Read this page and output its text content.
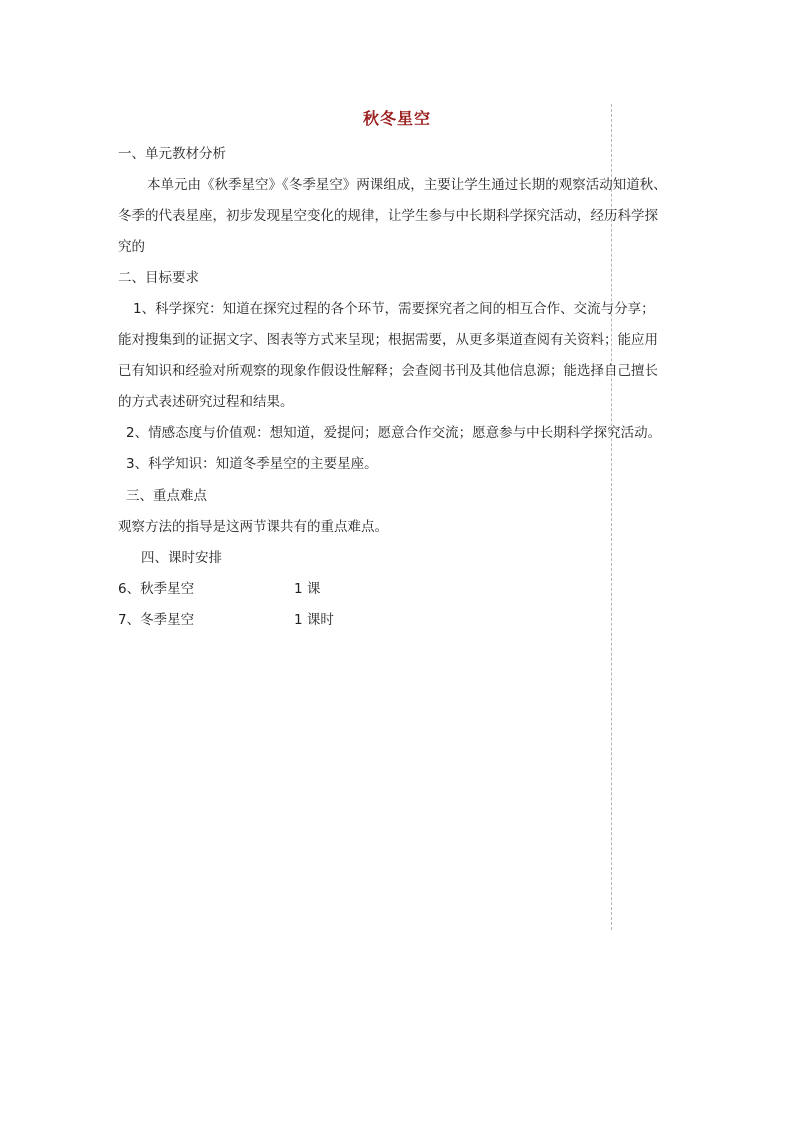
秋冬星空
一、单元教材分析
本单元由《秋季星空》《冬季星空》两课组成，主要让学生通过长期的观察活动知道秋、
冬季的代表星座，初步发现星空变化的规律，让学生参与中长期科学探究活动，经历科学探
究的
二、目标要求
1、科学探究：知道在探究过程的各个环节，需要探究者之间的相互合作、交流与分享；
能对搜集到的证据文字、图表等方式来呈现；根据需要，从更多渠道查阅有关资料；能应用
已有知识和经验对所观察的现象作假设性解释；会查阅书刊及其他信息源；能选择自己擅长
的方式表述研究过程和结果。
2、情感态度与价值观：想知道，爱提问；愿意合作交流；愿意参与中长期科学探究活动。
3、科学知识：知道冬季星空的主要星座。
三、重点难点
观察方法的指导是这两节课共有的重点难点。
四、课时安排
6、秋季星空	1 课
7、冬季星空	1 课时
